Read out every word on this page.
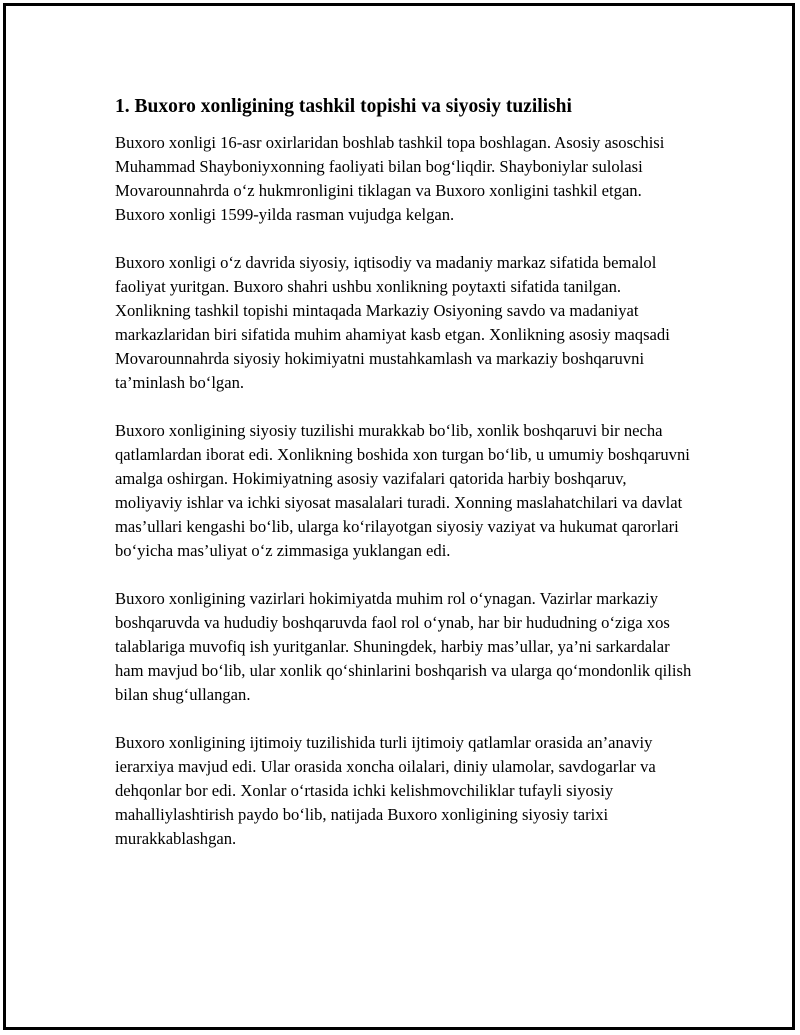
1. Buxoro xonligining tashkil topishi va siyosiy tuzilishi

Buxoro xonligi 16-asr oxirlaridan boshlab tashkil topa boshlagan. Asosiy asoschisi Muhammad Shayboniyxonning faoliyati bilan bogʻliqdir. Shayboniylar sulolasi Movarounnahrda oʻz hukmronligini tiklagan va Buxoro xonligini tashkil etgan. Buxoro xonligi 1599-yilda rasman vujudga kelgan.

Buxoro xonligi oʻz davrida siyosiy, iqtisodiy va madaniy markaz sifatida bemalol faoliyat yuritgan. Buxoro shahri ushbu xonlikning poytaxti sifatida tanilgan. Xonlikning tashkil topishi mintaqada Markaziy Osiyoning savdo va madaniyat markazlaridan biri sifatida muhim ahamiyat kasb etgan. Xonlikning asosiy maqsadi Movarounnahrda siyosiy hokimiyatni mustahkamlash va markaziy boshqaruvni ta’minlash boʻlgan.

Buxoro xonligining siyosiy tuzilishi murakkab boʻlib, xonlik boshqaruvi bir necha qatlamlardan iborat edi. Xonlikning boshida xon turgan boʻlib, u umumiy boshqaruvni amalga oshirgan. Hokimiyatning asosiy vazifalari qatorida harbiy boshqaruv, moliyaviy ishlar va ichki siyosat masalalari turadi. Xonning maslahatchilari va davlat mas’ullari kengashi boʻlib, ularga koʻrilayotgan siyosiy vaziyat va hukumat qarorlari boʻyicha mas’uliyat oʻz zimmasiga yuklangan edi.

Buxoro xonligining vazirlari hokimiyatda muhim rol oʻynagan. Vazirlar markaziy boshqaruvda va hududiy boshqaruvda faol rol oʻynab, har bir hududning oʻziga xos talablariga muvofiq ish yuritganlar. Shuningdek, harbiy mas’ullar, ya’ni sarkardalar ham mavjud boʻlib, ular xonlik qoʻshinlarini boshqarish va ularga qoʻmondonlik qilish bilan shugʻullangan.

Buxoro xonligining ijtimoiy tuzilishida turli ijtimoiy qatlamlar orasida an’anaviy ierarxiya mavjud edi. Ular orasida xoncha oilalari, diniy ulamolar, savdogarlar va dehqonlar bor edi. Xonlar oʻrtasida ichki kelishmovchiliklar tufayli siyosiy mahalliylashtirish paydo boʻlib, natijada Buxoro xonligining siyosiy tarixi murakkablashgan.
